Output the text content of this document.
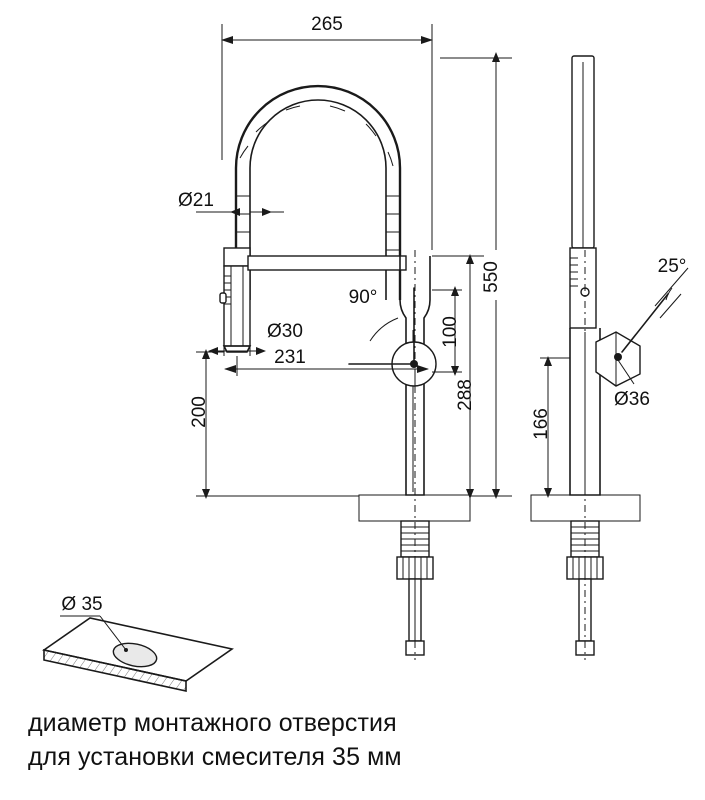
265
550
Ø21
Ø30
231
200
90°
100
288
25°
166
Ø36
Ø 35
диаметр монтажного отверстия
для установки смесителя 35 мм
